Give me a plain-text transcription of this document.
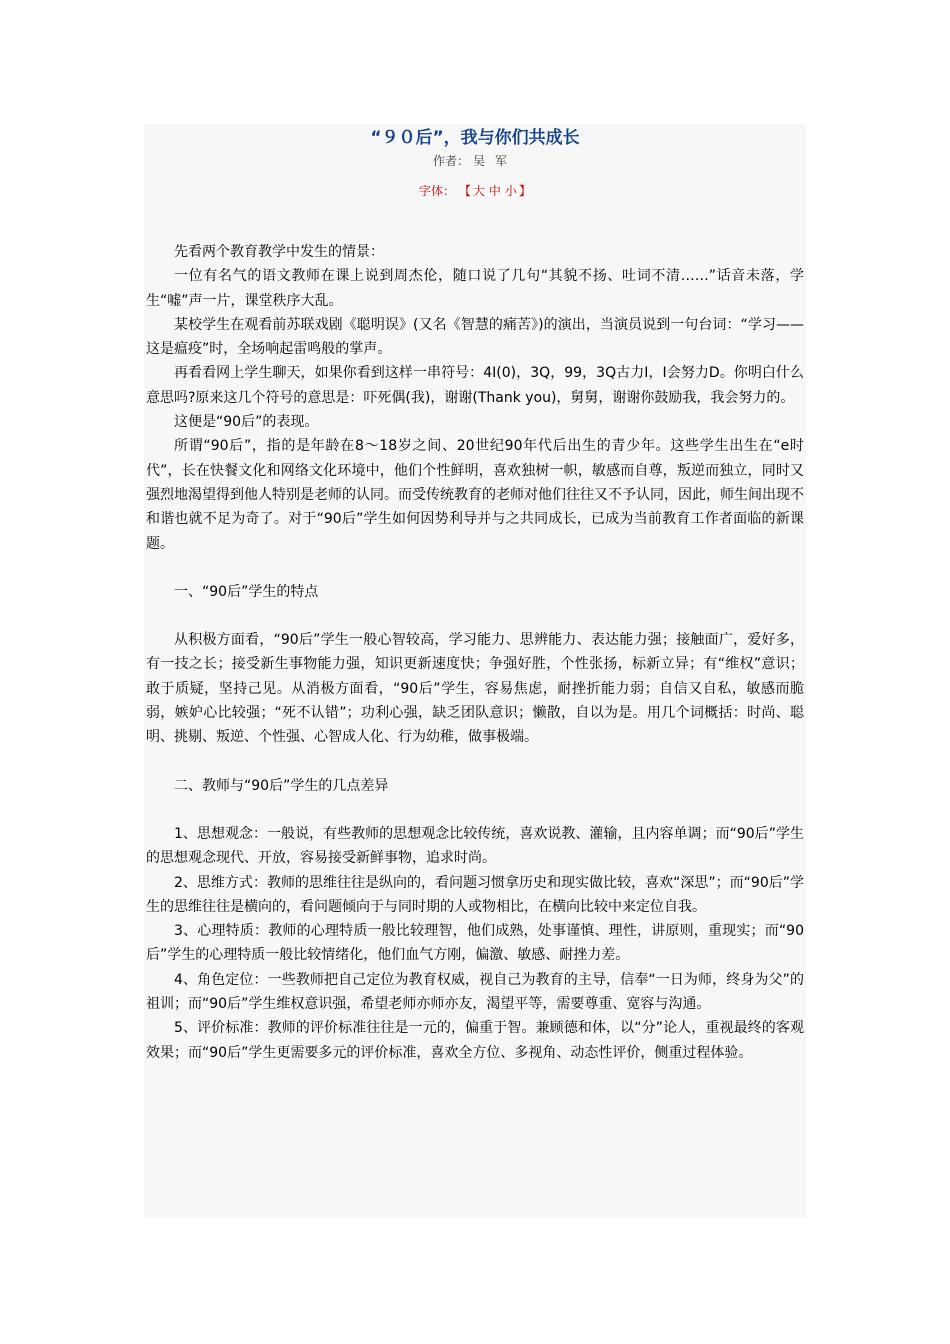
“９０后”，我与你们共成长
作者： 吴军
字体： 【 大 中 小 】

先看两个教育教学中发生的情景：

一位有名气的语文教师在课上说到周杰伦，随口说了几句“其貌不扬、吐词不清……”话音未落，学生“嘘”声一片，课堂秩序大乱。

某校学生在观看前苏联戏剧《聪明误》(又名《智慧的痛苦》)的演出，当演员说到一句台词：“学习——这是瘟疫”时，全场响起雷鸣般的掌声。

再看看网上学生聊天，如果你看到这样一串符号：4I(0)，3Q，99，3Q古力I，I会努力D。你明白什么意思吗?原来这几个符号的意思是：吓死偶(我)，谢谢(Thank you)，舅舅，谢谢你鼓励我，我会努力的。

这便是“90后”的表现。

所谓“90后”，指的是年龄在8～18岁之间、20世纪90年代后出生的青少年。这些学生出生在“e时代”，长在快餐文化和网络文化环境中，他们个性鲜明，喜欢独树一帜，敏感而自尊，叛逆而独立，同时又强烈地渴望得到他人特别是老师的认同。而受传统教育的老师对他们往往又不予认同，因此，师生间出现不和谐也就不足为奇了。对于“90后”学生如何因势利导并与之共同成长，已成为当前教育工作者面临的新课题。

一、“90后”学生的特点

从积极方面看，“90后”学生一般心智较高，学习能力、思辨能力、表达能力强；接触面广，爱好多，有一技之长；接受新生事物能力强，知识更新速度快；争强好胜，个性张扬，标新立异；有“维权”意识；敢于质疑，坚持己见。从消极方面看，“90后”学生，容易焦虑，耐挫折能力弱；自信又自私，敏感而脆弱，嫉妒心比较强；“死不认错”；功利心强，缺乏团队意识；懒散，自以为是。用几个词概括：时尚、聪明、挑剔、叛逆、个性强、心智成人化、行为幼稚，做事极端。

二、教师与“90后”学生的几点差异

1、思想观念：一般说，有些教师的思想观念比较传统，喜欢说教、灌输，且内容单调；而“90后”学生的思想观念现代、开放，容易接受新鲜事物，追求时尚。

2、思维方式：教师的思维往往是纵向的，看问题习惯拿历史和现实做比较，喜欢“深思”；而“90后”学生的思维往往是横向的，看问题倾向于与同时期的人或物相比，在横向比较中来定位自我。

3、心理特质：教师的心理特质一般比较理智，他们成熟，处事谨慎、理性，讲原则，重现实；而“90后”学生的心理特质一般比较情绪化，他们血气方刚，偏激、敏感、耐挫力差。

4、角色定位：一些教师把自己定位为教育权威，视自己为教育的主导，信奉“一日为师，终身为父”的祖训；而“90后”学生维权意识强，希望老师亦师亦友，渴望平等，需要尊重、宽容与沟通。

5、评价标准：教师的评价标准往往是一元的，偏重于智。兼顾德和体，以“分”论人，重视最终的客观效果；而“90后”学生更需要多元的评价标准，喜欢全方位、多视角、动态性评价，侧重过程体验。
